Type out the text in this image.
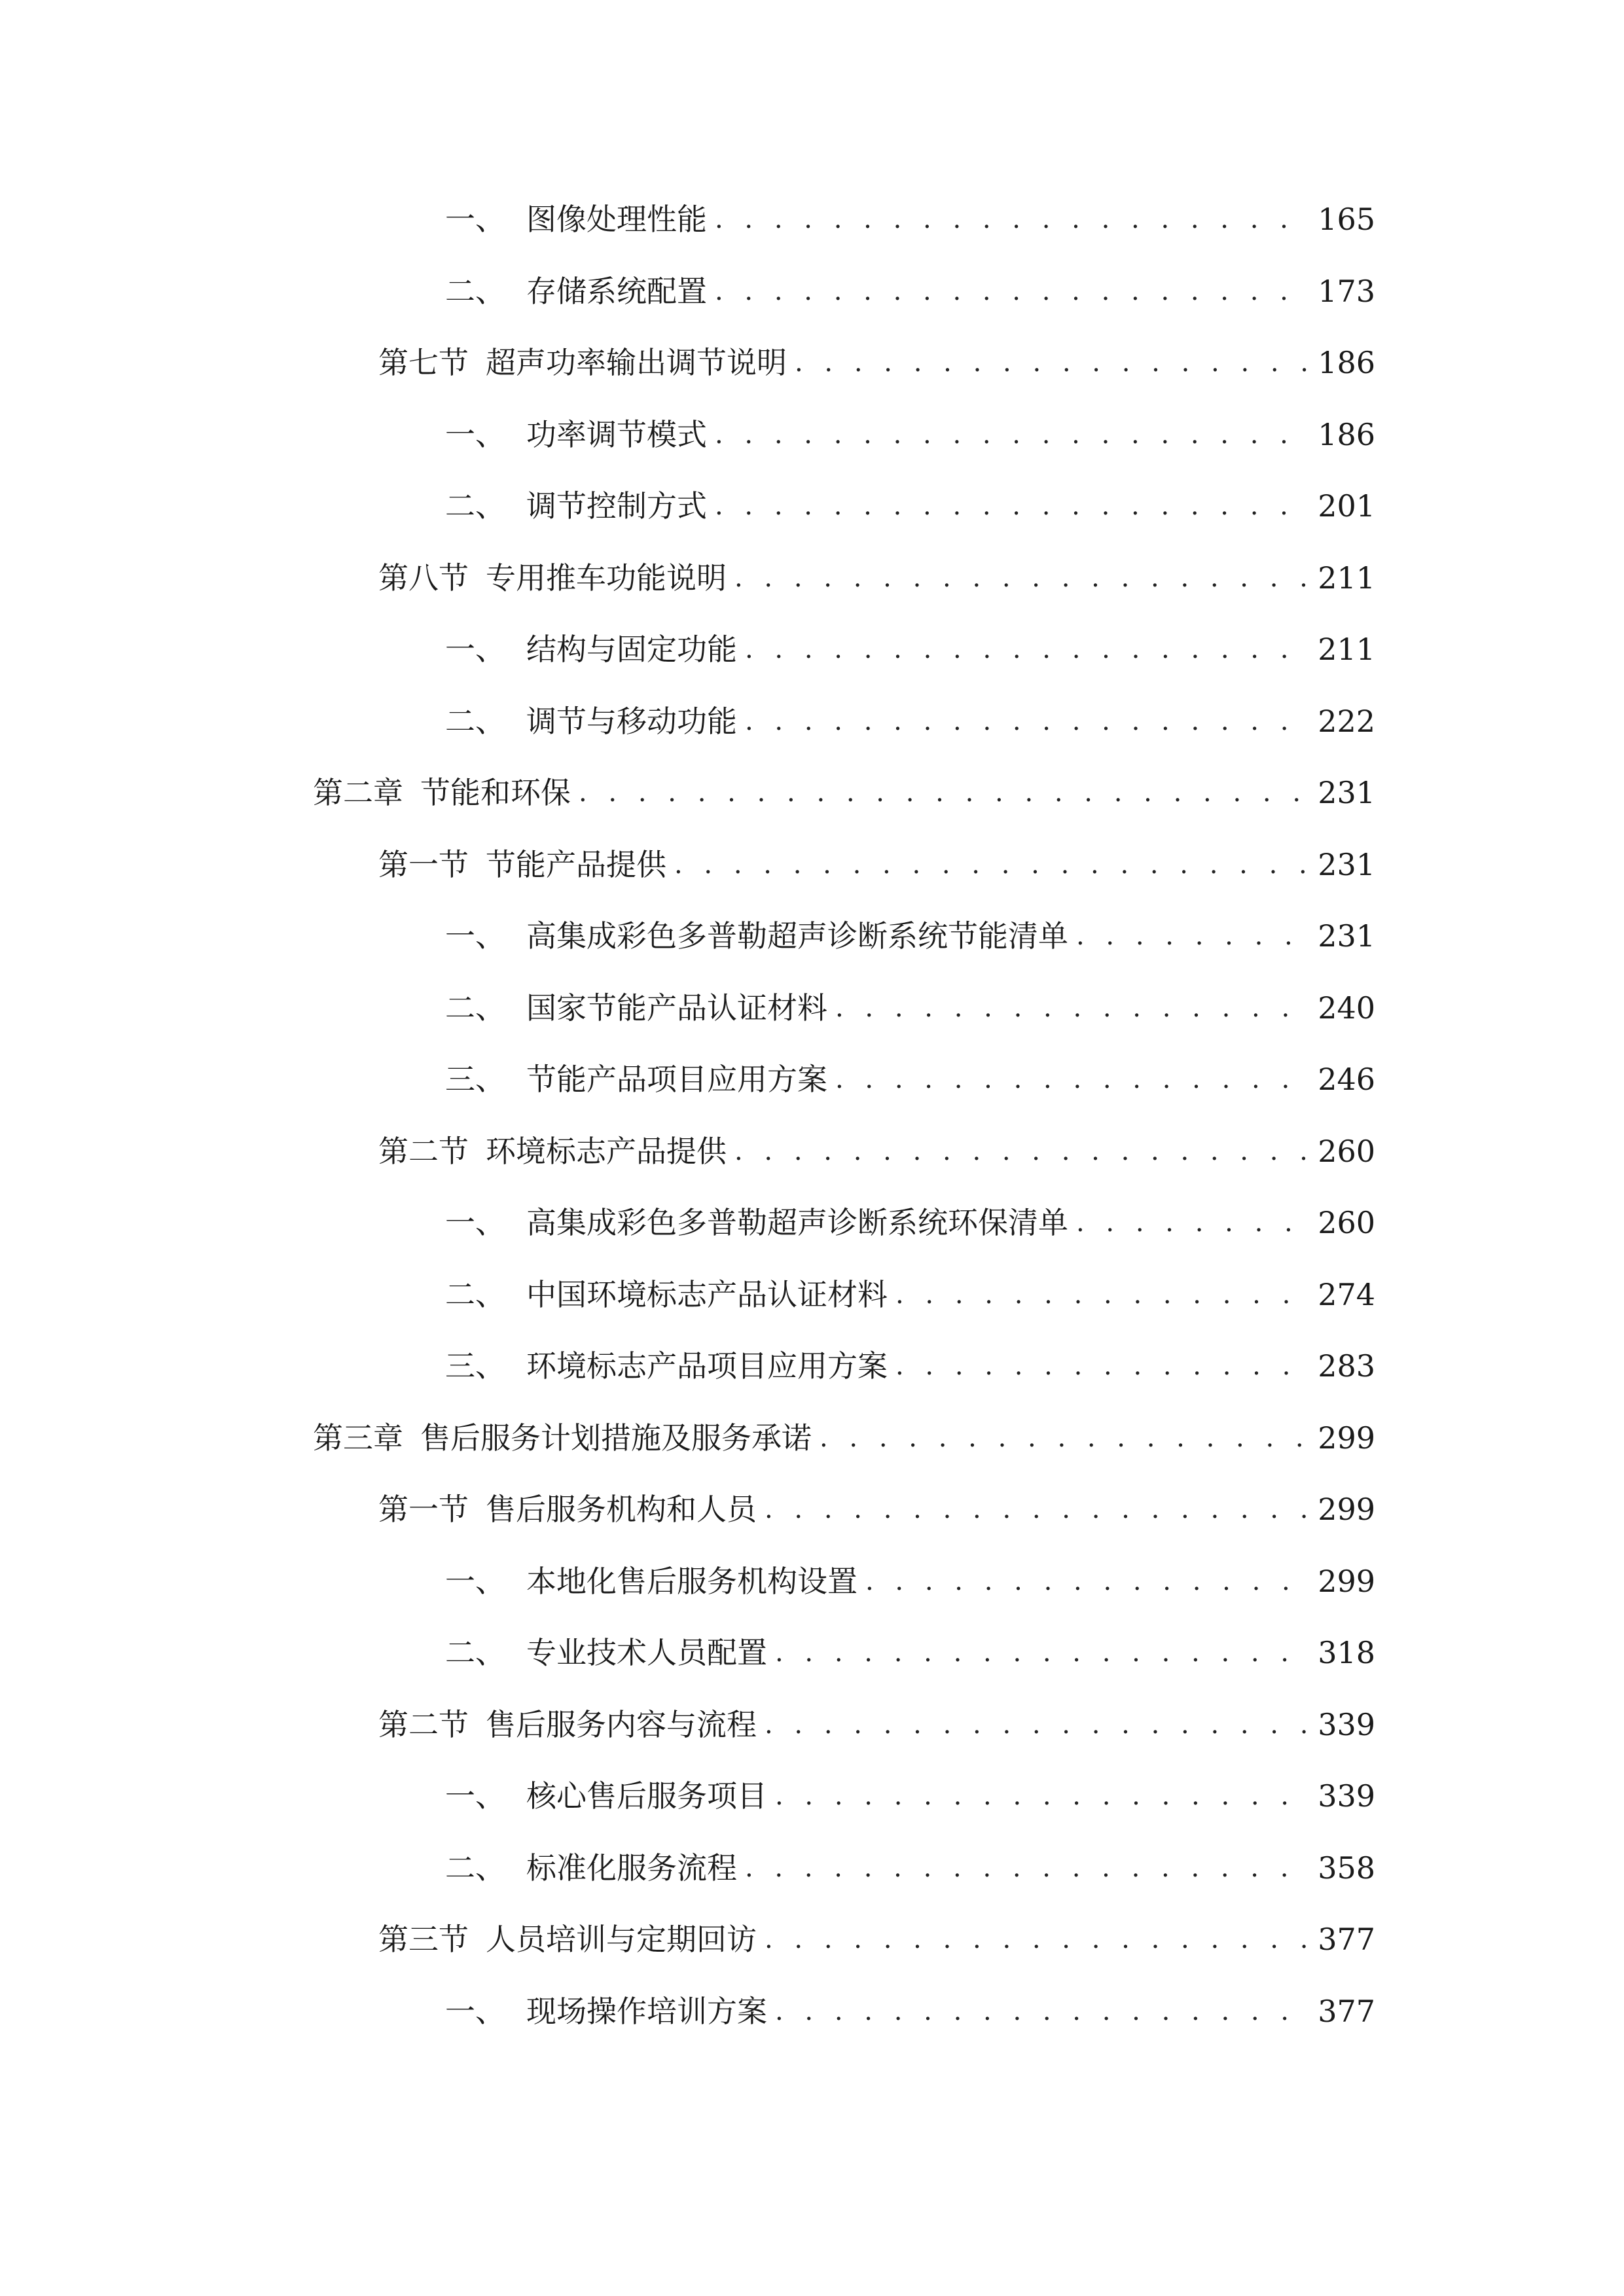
一、 图像处理性能 . . .	165
二、 存储系统配置 . . .	173
第七节 超声功率输出调节说明 . . .	186
一、 功率调节模式 . . .	186
二、 调节控制方式 . . .	201
第八节 专用推车功能说明 . . .	211
一、 结构与固定功能 . . .	211
二、 调节与移动功能 . . .	222
第二章 节能和环保 . . .	231
第一节 节能产品提供 . . .	231
一、 高集成彩色多普勒超声诊断系统节能清单 . . .	231
二、 国家节能产品认证材料 . . .	240
三、 节能产品项目应用方案 . . .	246
第二节 环境标志产品提供 . . .	260
一、 高集成彩色多普勒超声诊断系统环保清单 . . .	260
二、 中国环境标志产品认证材料 . . .	274
三、 环境标志产品项目应用方案 . . .	283
第三章 售后服务计划措施及服务承诺 . . .	299
第一节 售后服务机构和人员 . . .	299
一、 本地化售后服务机构设置 . . .	299
二、 专业技术人员配置 . . .	318
第二节 售后服务内容与流程 . . .	339
一、 核心售后服务项目 . . .	339
二、 标准化服务流程 . . .	358
第三节 人员培训与定期回访 . . .	377
一、 现场操作培训方案 . . .	377
